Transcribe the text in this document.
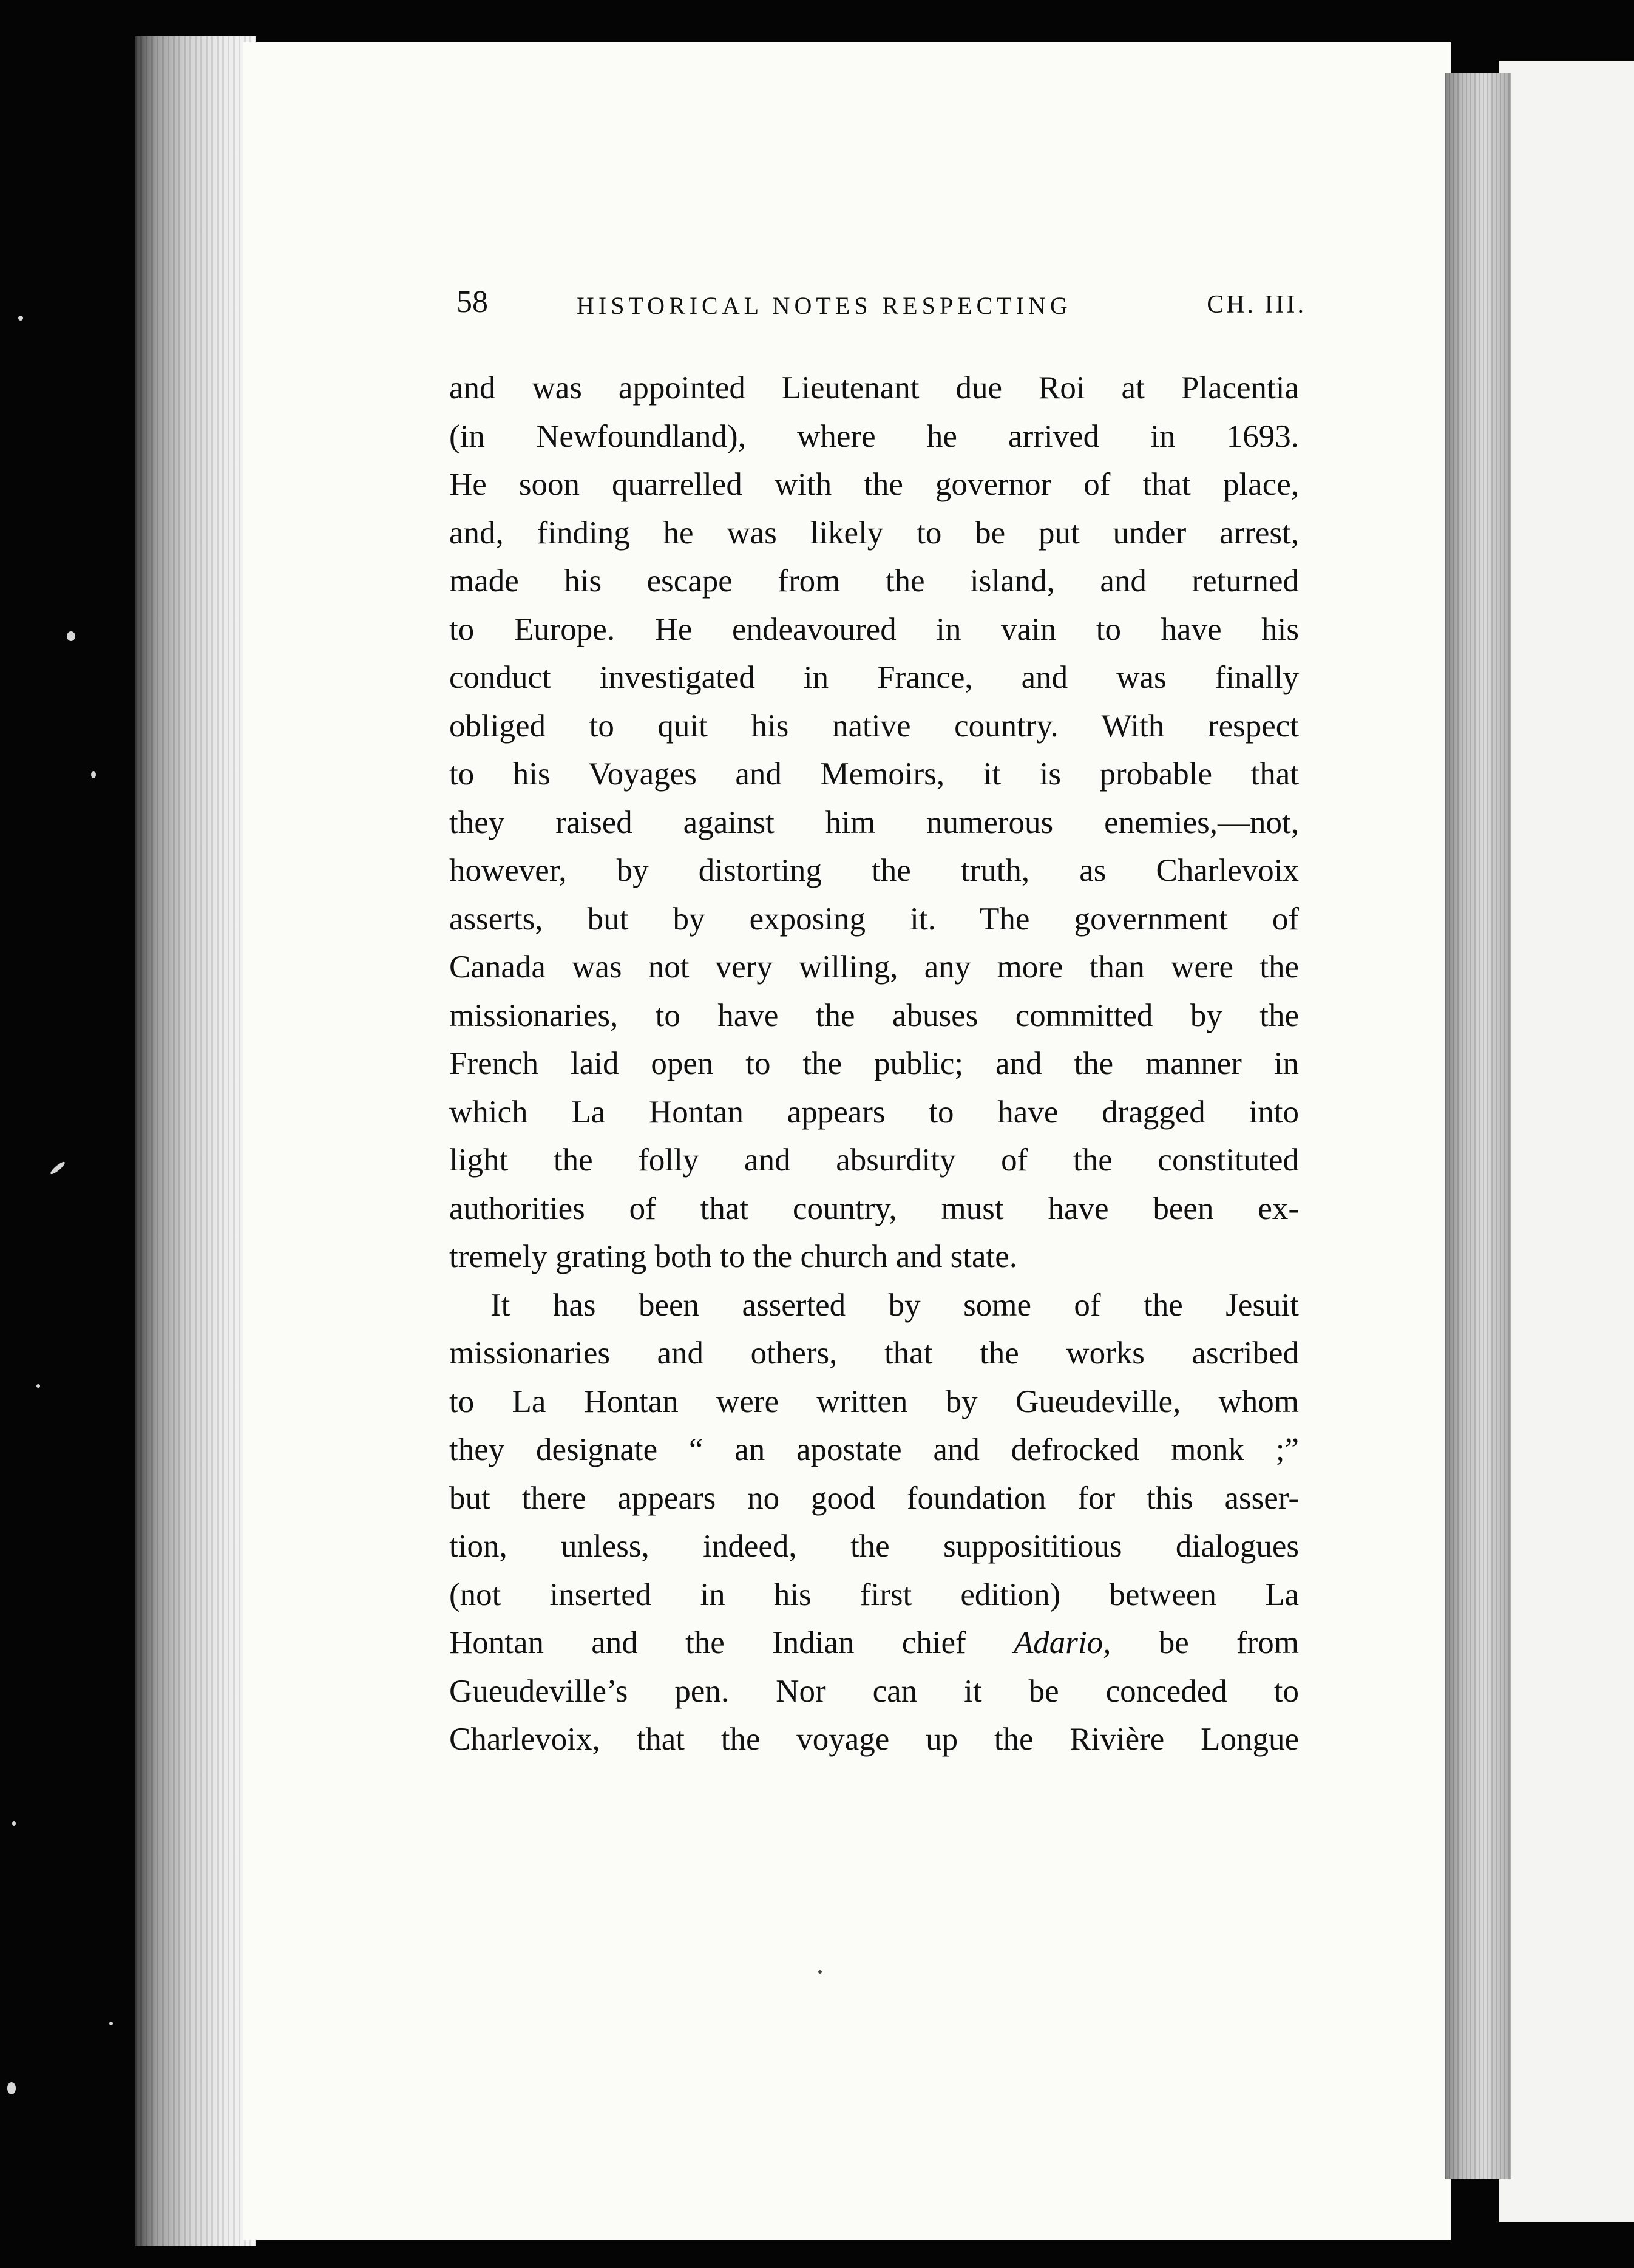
58	HISTORICAL NOTES RESPECTING	CH. III.
and was appointed Lieutenant due Roi at Placentia
(in Newfoundland), where he arrived in 1693.
He soon quarrelled with the governor of that place,
and, finding he was likely to be put under arrest,
made his escape from the island, and returned
to Europe. He endeavoured in vain to have his
conduct investigated in France, and was finally
obliged to quit his native country. With respect
to his Voyages and Memoirs, it is probable that
they raised against him numerous enemies,—not,
however, by distorting the truth, as Charlevoix
asserts, but by exposing it. The government of
Canada was not very willing, any more than were the
missionaries, to have the abuses committed by the
French laid open to the public; and the manner in
which La Hontan appears to have dragged into
light the folly and absurdity of the constituted
authorities of that country, must have been ex-
tremely grating both to the church and state.
It has been asserted by some of the Jesuit
missionaries and others, that the works ascribed
to La Hontan were written by Gueudeville, whom
they designate “ an apostate and defrocked monk ;”
but there appears no good foundation for this asser-
tion, unless, indeed, the supposititious dialogues
(not inserted in his first edition) between La
Hontan and the Indian chief Adario, be from
Gueudeville’s pen. Nor can it be conceded to
Charlevoix, that the voyage up the Rivière Longue
